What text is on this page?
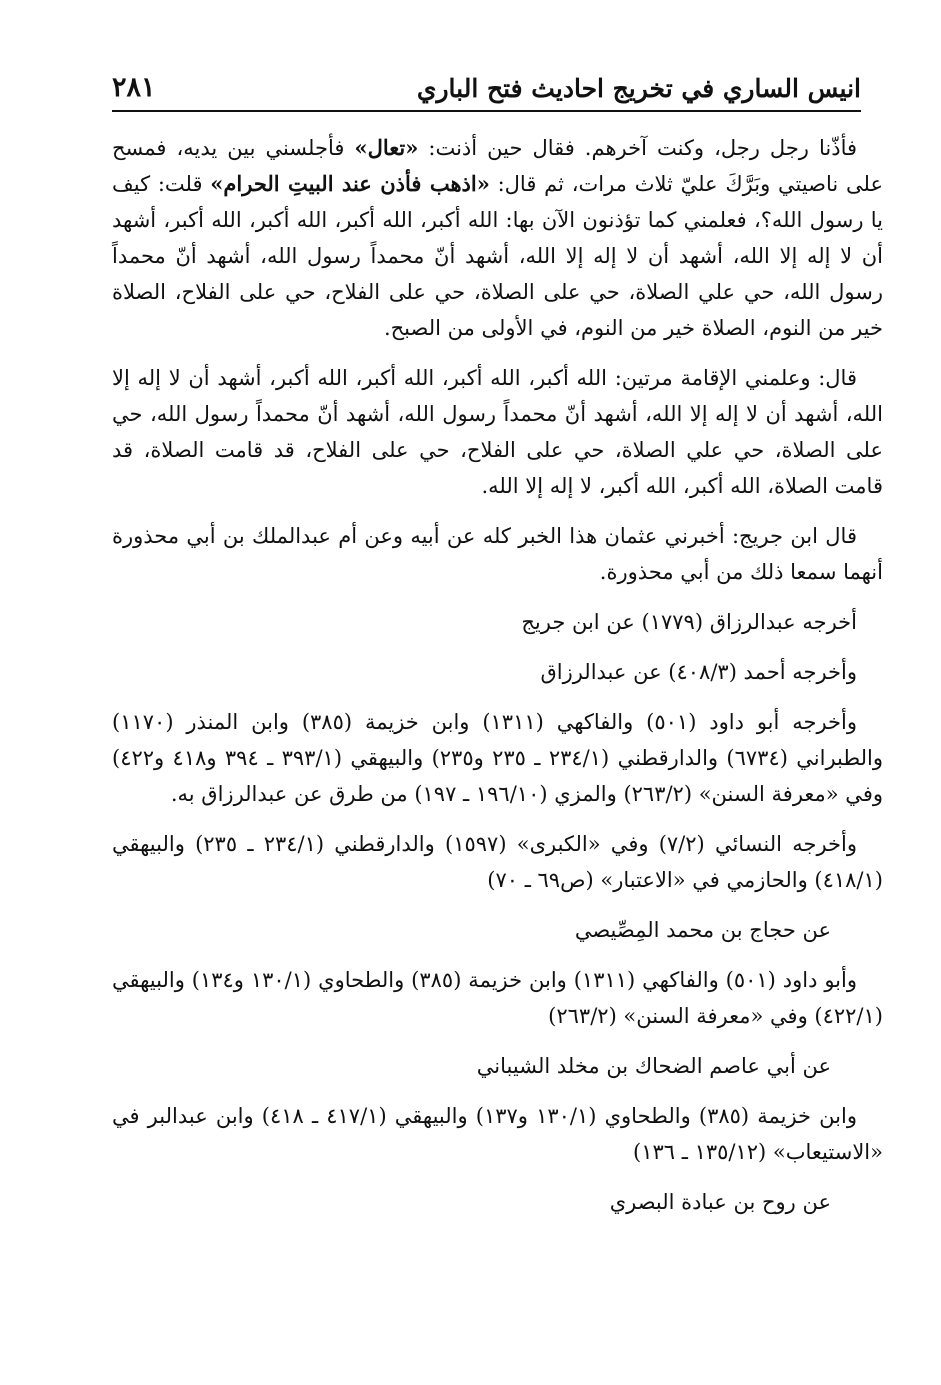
انيس الساري في تخريج احاديث فتح الباري
٢٨١

فأذّنا رجل رجل، وكنت آخرهم. فقال حين أذنت: «تعال» فأجلسني بين يديه، فمسح على ناصيتي وبَرَّكَ عليّ ثلاث مرات، ثم قال: «اذهب فأذن عند البيتِ الحرام» قلت: كيف يا رسول الله؟، فعلمني كما تؤذنون الآن بها: الله أكبر، الله أكبر، الله أكبر، الله أكبر، أشهد أن لا إله إلا الله، أشهد أن لا إله إلا الله، أشهد أنّ محمداً رسول الله، أشهد أنّ محمداً رسول الله، حي علي الصلاة، حي على الصلاة، حي على الفلاح، حي على الفلاح، الصلاة خير من النوم، الصلاة خير من النوم، في الأولى من الصبح.

قال: وعلمني الإقامة مرتين: الله أكبر، الله أكبر، الله أكبر، الله أكبر، أشهد أن لا إله إلا الله، أشهد أن لا إله إلا الله، أشهد أنّ محمداً رسول الله، أشهد أنّ محمداً رسول الله، حي على الصلاة، حي علي الصلاة، حي على الفلاح، حي على الفلاح، قد قامت الصلاة، قد قامت الصلاة، الله أكبر، الله أكبر، لا إله إلا الله.

قال ابن جريج: أخبرني عثمان هذا الخبر كله عن أبيه وعن أم عبدالملك بن أبي محذورة أنهما سمعا ذلك من أبي محذورة.

أخرجه عبدالرزاق (١٧٧٩) عن ابن جريج

وأخرجه أحمد (٤٠٨/٣) عن عبدالرزاق

وأخرجه أبو داود (٥٠١) والفاكهي (١٣١١) وابن خزيمة (٣٨٥) وابن المنذر (١١٧٠) والطبراني (٦٧٣٤) والدارقطني (٢٣٤/١ ـ ٢٣٥ و٢٣٥) والبيهقي (٣٩٣/١ ـ ٣٩٤ و٤١٨ و٤٢٢) وفي «معرفة السنن» (٢٦٣/٢) والمزي (١٩٦/١٠ ـ ١٩٧) من طرق عن عبدالرزاق به.

وأخرجه النسائي (٧/٢) وفي «الكبرى» (١٥٩٧) والدارقطني (٢٣٤/١ ـ ٢٣٥) والبيهقي (٤١٨/١) والحازمي في «الاعتبار» (ص٦٩ ـ ٧٠)

عن حجاج بن محمد المِصِّيصي

وأبو داود (٥٠١) والفاكهي (١٣١١) وابن خزيمة (٣٨٥) والطحاوي (١٣٠/١ و١٣٤) والبيهقي (٤٢٢/١) وفي «معرفة السنن» (٢٦٣/٢)

عن أبي عاصم الضحاك بن مخلد الشيباني

وابن خزيمة (٣٨٥) والطحاوي (١٣٠/١ و١٣٧) والبيهقي (٤١٧/١ ـ ٤١٨) وابن عبدالبر في «الاستيعاب» (١٣٥/١٢ ـ ١٣٦)

عن روح بن عبادة البصري
